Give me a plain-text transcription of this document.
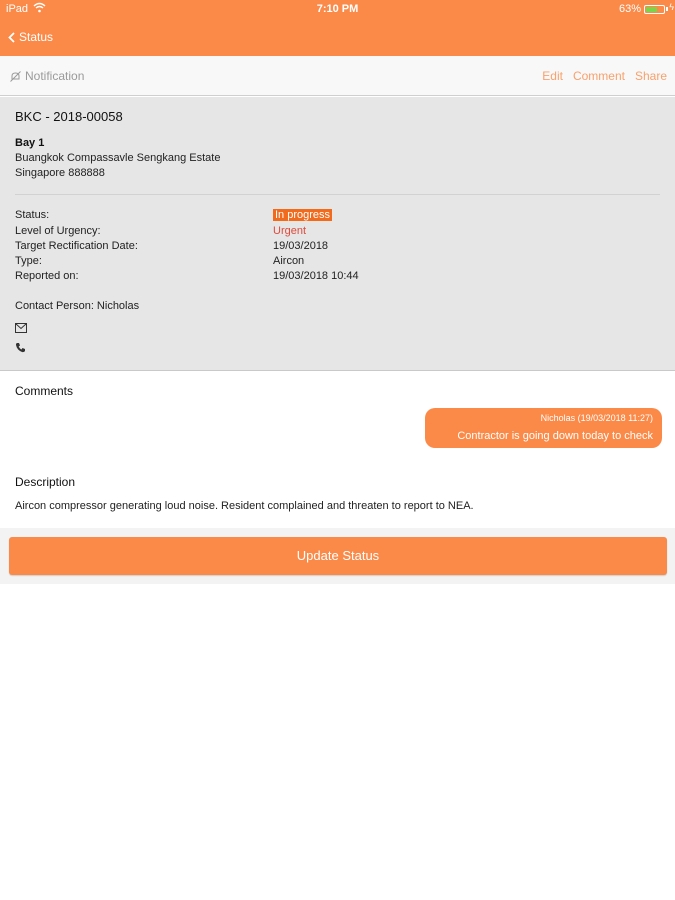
iPad	7:10 PM	63%	ϟ
Status
Notification	Edit Comment Share
BKC - 2018-00058
Bay 1
Buangkok Compassavle Sengkang Estate
Singapore 888888
Status:	In progress
Level of Urgency:	Urgent
Target Rectification Date:	19/03/2018
Type:	Aircon
Reported on:	19/03/2018 10:44
Contact Person: Nicholas
Comments
Nicholas (19/03/2018 11:27)
Contractor is going down today to check
Description
Aircon compressor generating loud noise. Resident complained and threaten to report to NEA.
Update Status
